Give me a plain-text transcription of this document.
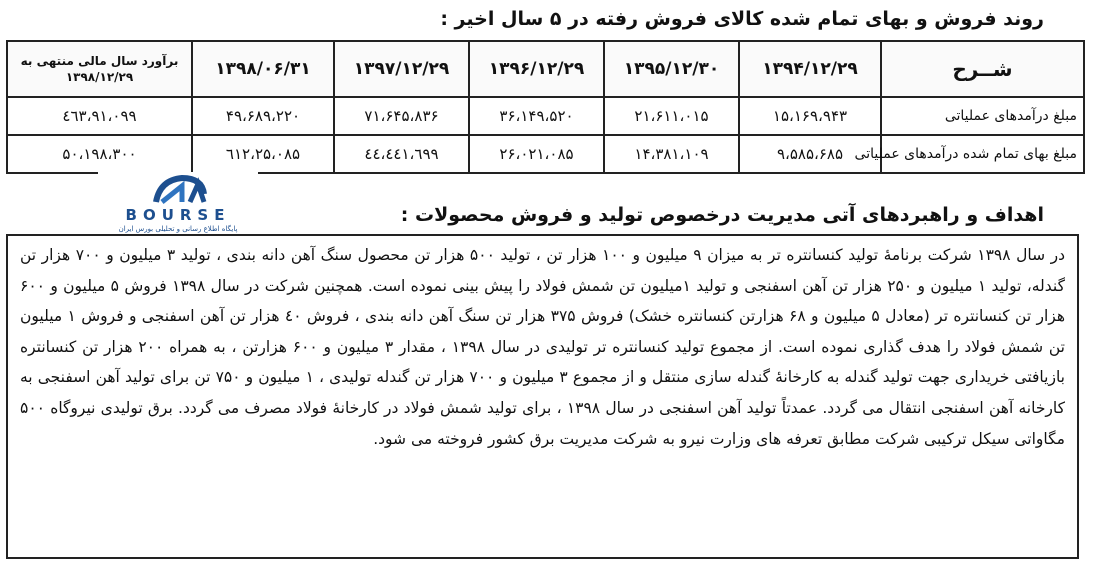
روند فروش و بهای تمام شده کالای فروش رفته در ۵ سال اخیر :
شــرح	۱۳۹۴/۱۲/۲۹	۱۳۹۵/۱۲/۳۰	۱۳۹۶/۱۲/۲۹	۱۳۹۷/۱۲/۲۹	۱۳۹۸/۰۶/۳۱	برآورد سال مالی منتهی به ۱۳۹۸/۱۲/۲۹
مبلغ درآمدهای عملیاتی	۱۵،۱۶۹،۹۴۳	۲۱،۶۱۱،۰۱۵	۳۶،۱۴۹،۵۲۰	۷۱،۶۴۵،۸۳۶	۴۹،۶۸۹،۲۲۰	۹۱،۰۹۹،٤٦٣
مبلغ بهای تمام شده درآمدهای عملیاتی	۹،۵۸۵،۶۸۵	۱۴،۳۸۱،۱۰۹	۲۶،۰۲۱،۰۸۵	٤٤،٤٤١،٦٩٩	۲۵،۰۸۵،٦۱۲	۵۰،۱۹۸،۳۰۰
BOURSE
پایگاه اطلاع رسانی و تحلیلی بورس ایران
اهداف و راهبردهای آتی مدیریت درخصوص تولید و فروش محصولات :

در سال ۱۳۹۸ شرکت برنامهٔ تولید کنسانتره تر به میزان ۹ میلیون و ۱۰۰ هزار تن ، تولید ۵۰۰ هزار تن محصول سنگ آهن دانه بندی ، تولید ۳ میلیون و ۷۰۰ هزار تن گندله، تولید ۱ میلیون و ۲۵۰ هزار تن آهن اسفنجی و تولید ۱میلیون تن شمش فولاد را پیش بینی نموده است. همچنین شرکت در سال ۱۳۹۸ فروش ۵ میلیون و ۶۰۰ هزار تن کنسانتره تر (معادل ۵ میلیون و ۶۸ هزارتن کنسانتره خشک) فروش ۳۷۵ هزار تن سنگ آهن دانه بندی ، فروش ٤۰ هزار تن آهن اسفنجی و فروش ۱ میلیون تن شمش فولاد را هدف گذاری نموده است. از مجموع تولید کنسانتره تر تولیدی در سال ۱۳۹۸ ، مقدار ۳ میلیون و ۶۰۰ هزارتن ، به همراه ۲۰۰ هزار تن کنسانتره بازیافتی خریداری جهت تولید گندله به کارخانهٔ گندله سازی منتقل و از مجموع ۳ میلیون و ۷۰۰ هزار تن گندله تولیدی ، ۱ میلیون و ۷۵۰ تن برای تولید آهن اسفنجی به کارخانه آهن اسفنجی انتقال می گردد. عمدتاً تولید آهن اسفنجی در سال ۱۳۹۸ ، برای تولید شمش فولاد در کارخانهٔ فولاد مصرف می گردد. برق تولیدی نیروگاه ۵۰۰ مگاواتی سیکل ترکیبی شرکت مطابق تعرفه های وزارت نیرو به شرکت مدیریت برق کشور فروخته می شود.
